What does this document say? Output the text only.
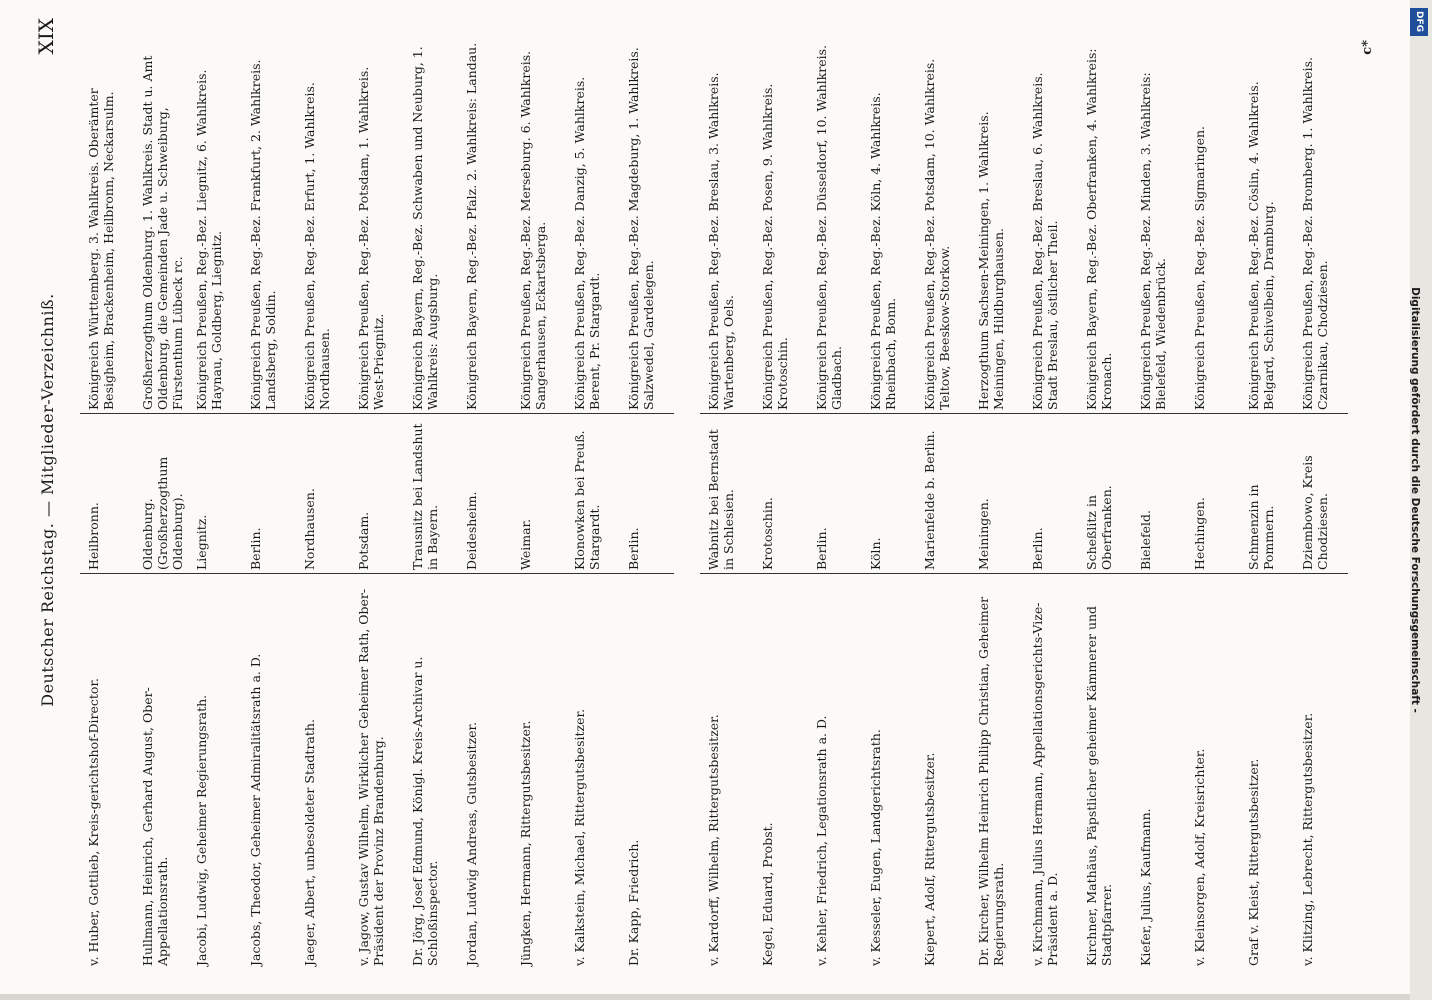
Deutscher Reichstag. — Mitglieder-Verzeichniß.
XIX
v. Huber, Gottlieb, Kreis-gerichtshof-Director.
Heilbronn.
Königreich Württemberg. 3. Wahlkreis. Oberämter Besigheim, Brackenheim, Heilbronn, Neckarsulm.
Hullmann, Heinrich, Gerhard August, Ober-Appellationsrath.
Oldenburg. (Großherzogthum Oldenburg).
Großherzogthum Oldenburg. 1. Wahlkreis. Stadt u. Amt Oldenburg, die Gemeinden Jade u. Schweiburg, Fürstenthum Lübeck rc.
Jacobi, Ludwig, Geheimer Regierungsrath.
Liegnitz.
Königreich Preußen, Reg.-Bez. Liegnitz, 6. Wahlkreis. Haynau, Goldberg, Liegnitz.
Jacobs, Theodor, Geheimer Admiralitätsrath a. D.
Berlin.
Königreich Preußen, Reg.-Bez. Frankfurt, 2. Wahlkreis. Landsberg, Soldin.
Jaeger, Albert, unbesoldeter Stadtrath.
Nordhausen.
Königreich Preußen, Reg.-Bez. Erfurt, 1. Wahlkreis. Nordhausen.
v. Jagow, Gustav Wilhelm, Wirklicher Geheimer Rath, Ober-Präsident der Provinz Brandenburg.
Potsdam.
Königreich Preußen, Reg.-Bez. Potsdam, 1. Wahlkreis. West-Priegnitz.
Dr. Jörg, Josef Edmund, Königl. Kreis-Archivar u. Schloßinspector.
Trausnitz bei Landshut in Bayern.
Königreich Bayern, Reg.-Bez. Schwaben und Neuburg, 1. Wahlkreis: Augsburg.
Jordan, Ludwig Andreas, Gutsbesitzer.
Deidesheim.
Königreich Bayern, Reg.-Bez. Pfalz. 2. Wahlkreis: Landau.
Jüngken, Hermann, Rittergutsbesitzer.
Weimar.
Königreich Preußen, Reg.-Bez. Merseburg. 6. Wahlkreis. Sangerhausen, Eckartsberga.
v. Kalkstein, Michael, Rittergutsbesitzer.
Klonowken bei Preuß. Stargardt.
Königreich Preußen, Reg.-Bez. Danzig, 5. Wahlkreis. Berent, Pr. Stargardt.
Dr. Kapp, Friedrich.
Berlin.
Königreich Preußen, Reg.-Bez. Magdeburg, 1. Wahlkreis. Salzwedel, Gardelegen.
v. Kardorff, Wilhelm, Rittergutsbesitzer.
Wabnitz bei Bernstadt in Schlesien.
Königreich Preußen, Reg.-Bez. Breslau, 3. Wahlkreis. Wartenberg, Oels.
Kegel, Eduard, Probst.
Krotoschin.
Königreich Preußen, Reg.-Bez. Posen, 9. Wahlkreis. Krotoschin.
v. Kehler, Friedrich, Legationsrath a. D.
Berlin.
Königreich Preußen, Reg.-Bez. Düsseldorf, 10. Wahlkreis. Gladbach.
v. Kesseler, Eugen, Landgerichtsrath.
Köln.
Königreich Preußen, Reg.-Bez. Köln, 4. Wahlkreis. Rheinbach, Bonn.
Kiepert, Adolf, Rittergutsbesitzer.
Marienfelde b. Berlin.
Königreich Preußen, Reg.-Bez. Potsdam, 10. Wahlkreis. Teltow, Beeskow-Storkow.
Dr. Kircher, Wilhelm Heinrich Philipp Christian, Geheimer Regierungsrath.
Meiningen.
Herzogthum Sachsen-Meiningen, 1. Wahlkreis. Meiningen, Hildburghausen.
v. Kirchmann, Julius Hermann, Appellationsgerichts-Vize-Präsident a. D.
Berlin.
Königreich Preußen, Reg.-Bez. Breslau, 6. Wahlkreis. Stadt Breslau, östlicher Theil.
Kirchner, Mathäus, Päpstlicher geheimer Kämmerer und Stadtpfarrer.
Scheßlitz in Oberfranken.
Königreich Bayern, Reg.-Bez. Oberfranken, 4. Wahlkreis: Kronach.
Kiefer, Julius, Kaufmann.
Bielefeld.
Königreich Preußen, Reg.-Bez. Minden, 3. Wahlkreis: Bielefeld, Wiedenbrück.
v. Kleinsorgen, Adolf, Kreisrichter.
Hechingen.
Königreich Preußen, Reg.-Bez. Sigmaringen.
Graf v. Kleist, Rittergutsbesitzer.
Schmenzin in Pommern.
Königreich Preußen, Reg.-Bez. Cöslin, 4. Wahlkreis. Belgard, Schivelbein, Dramburg.
v. Klitzing, Lebrecht, Rittergutsbesitzer.
Dziembowo, Kreis Chodziesen.
Königreich Preußen, Reg.-Bez. Bromberg. 1. Wahlkreis. Czarnikau, Chodziesen.
c*
Digitalisierung gefördert durch die Deutsche Forschungsgemeinschaft -
DFG
